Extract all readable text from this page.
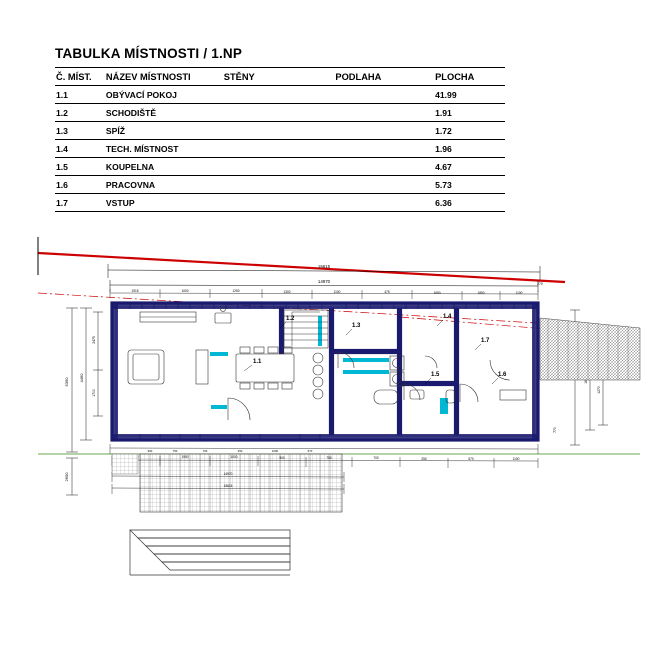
TABULKA MÍSTNOSTI / 1.NP
Č. MÍST.	NÁZEV MÍSTNOSTI	STĚNY	PODLAHA	PLOCHA
1.1	OBÝVACÍ POKOJ			41.99
1.2	SCHODIŠTĚ			1.91
1.3	SPÍŽ			1.72
1.4	TECH. MÍSTNOST			1.96
1.5	KOUPELNA			4.67
1.6	PRACOVNA			5.73
1.7	VSTUP			6.36
15615
14970
1915	1000	1250	1300	1100	475	1650	1850	1100
5390	4460
2475
1700
2600
1270
770
270
1.1
1.2
1.3
1.4
1.5	1.6
1.7
1950	1000	900	750	700	250	570	1100
14970
15615
900	750	700	250	1000	570
